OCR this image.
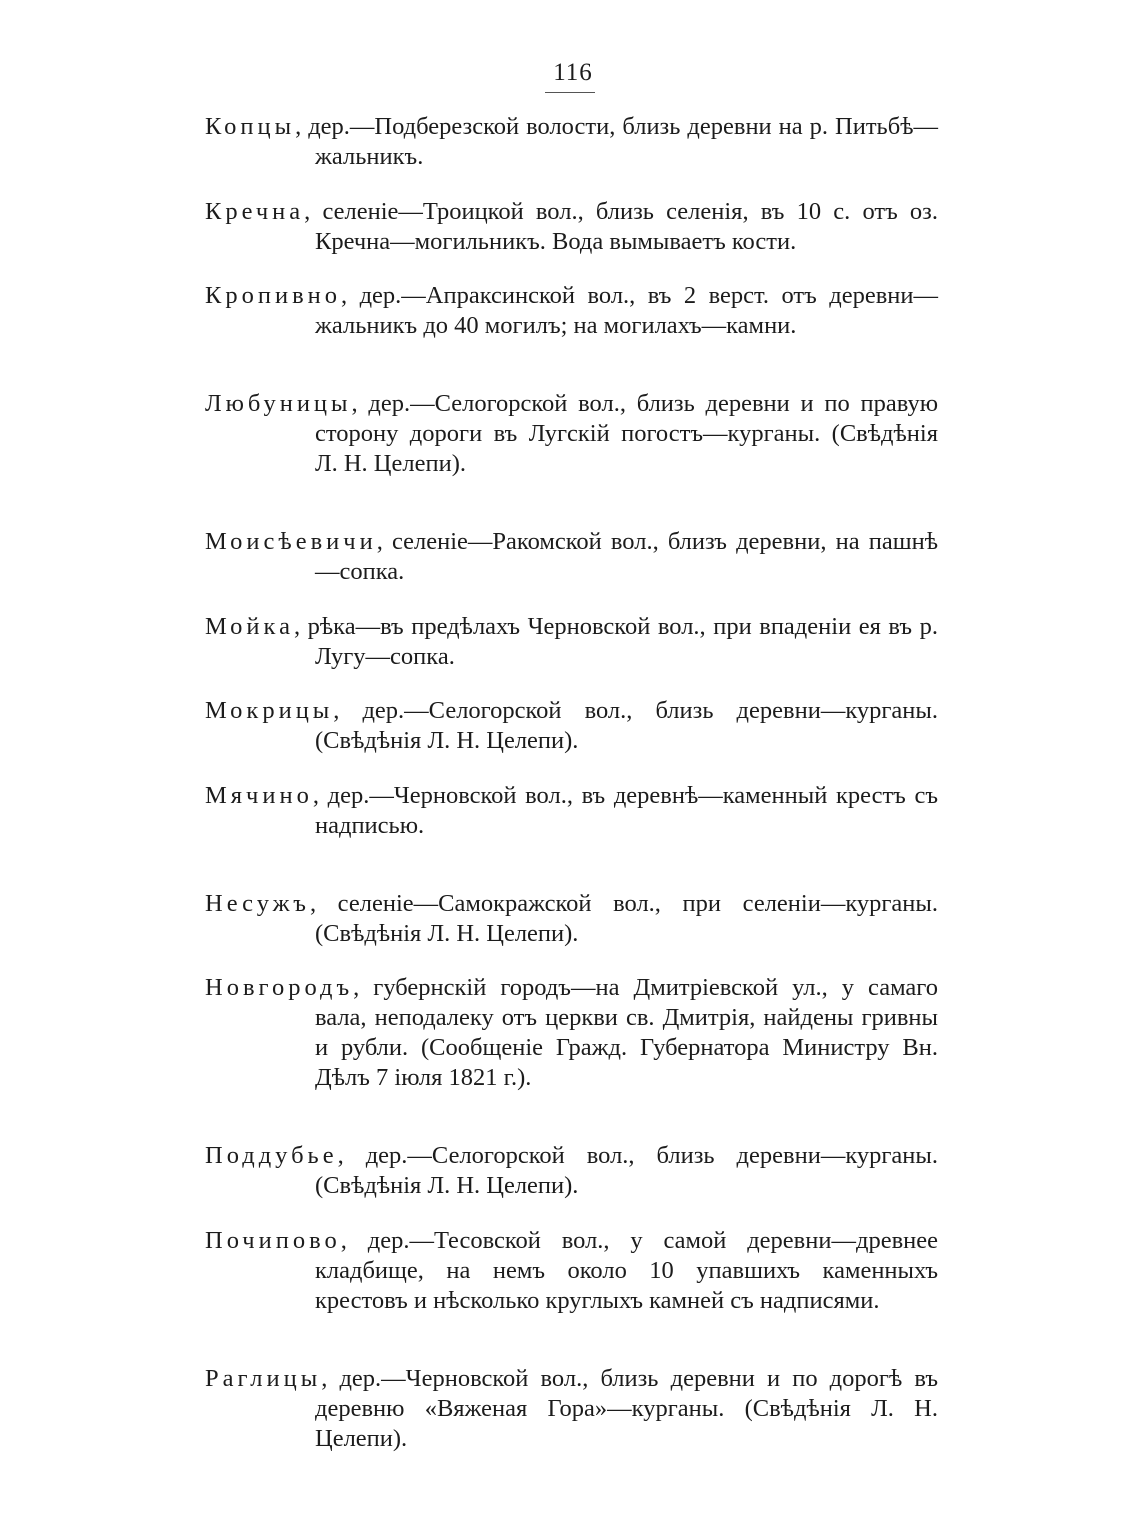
116

Копцы, дер.—Подберезской волости, близь деревни на р. Питьбѣ—жальникъ.

Кречна, селеніе—Троицкой вол., близь селенія, въ 10 с. отъ оз. Кречна—могильникъ. Вода вымываетъ кости.

Кропивно, дер.—Апраксинской вол., въ 2 верст. отъ деревни—жальникъ до 40 могилъ; на могилахъ—камни.

Любуницы, дер.—Селогорской вол., близь деревни и по правую сторону дороги въ Лугскій погостъ—курганы. (Свѣдѣнія Л. Н. Целепи).

Моисѣевичи, селеніе—Ракомской вол., близъ деревни, на пашнѣ—сопка.

Мойка, рѣка—въ предѣлахъ Черновской вол., при впаденіи ея въ р. Лугу—сопка.

Мокрицы, дер.—Селогорской вол., близь деревни—курганы. (Свѣдѣнія Л. Н. Целепи).

Мячино, дер.—Черновской вол., въ деревнѣ—каменный крестъ съ надписью.

Несужъ, селеніе—Самокражской вол., при селеніи—курганы. (Свѣдѣнія Л. Н. Целепи).

Новгородъ, губернскій городъ—на Дмитріевской ул., у самаго вала, неподалеку отъ церкви св. Дмитрія, найдены гривны и рубли. (Сообщеніе Гражд. Губернатора Министру Вн. Дѣлъ 7 іюля 1821 г.).

Поддубье, дер.—Селогорской вол., близь деревни—курганы. (Свѣдѣнія Л. Н. Целепи).

Почипово, дер.—Тесовской вол., у самой деревни—древнее кладбище, на немъ около 10 упавшихъ каменныхъ крестовъ и нѣсколько круглыхъ камней съ надписями.

Раглицы, дер.—Черновской вол., близь деревни и по дорогѣ въ деревню «Вяженая Гора»—курганы. (Свѣдѣнія Л. Н. Целепи).
